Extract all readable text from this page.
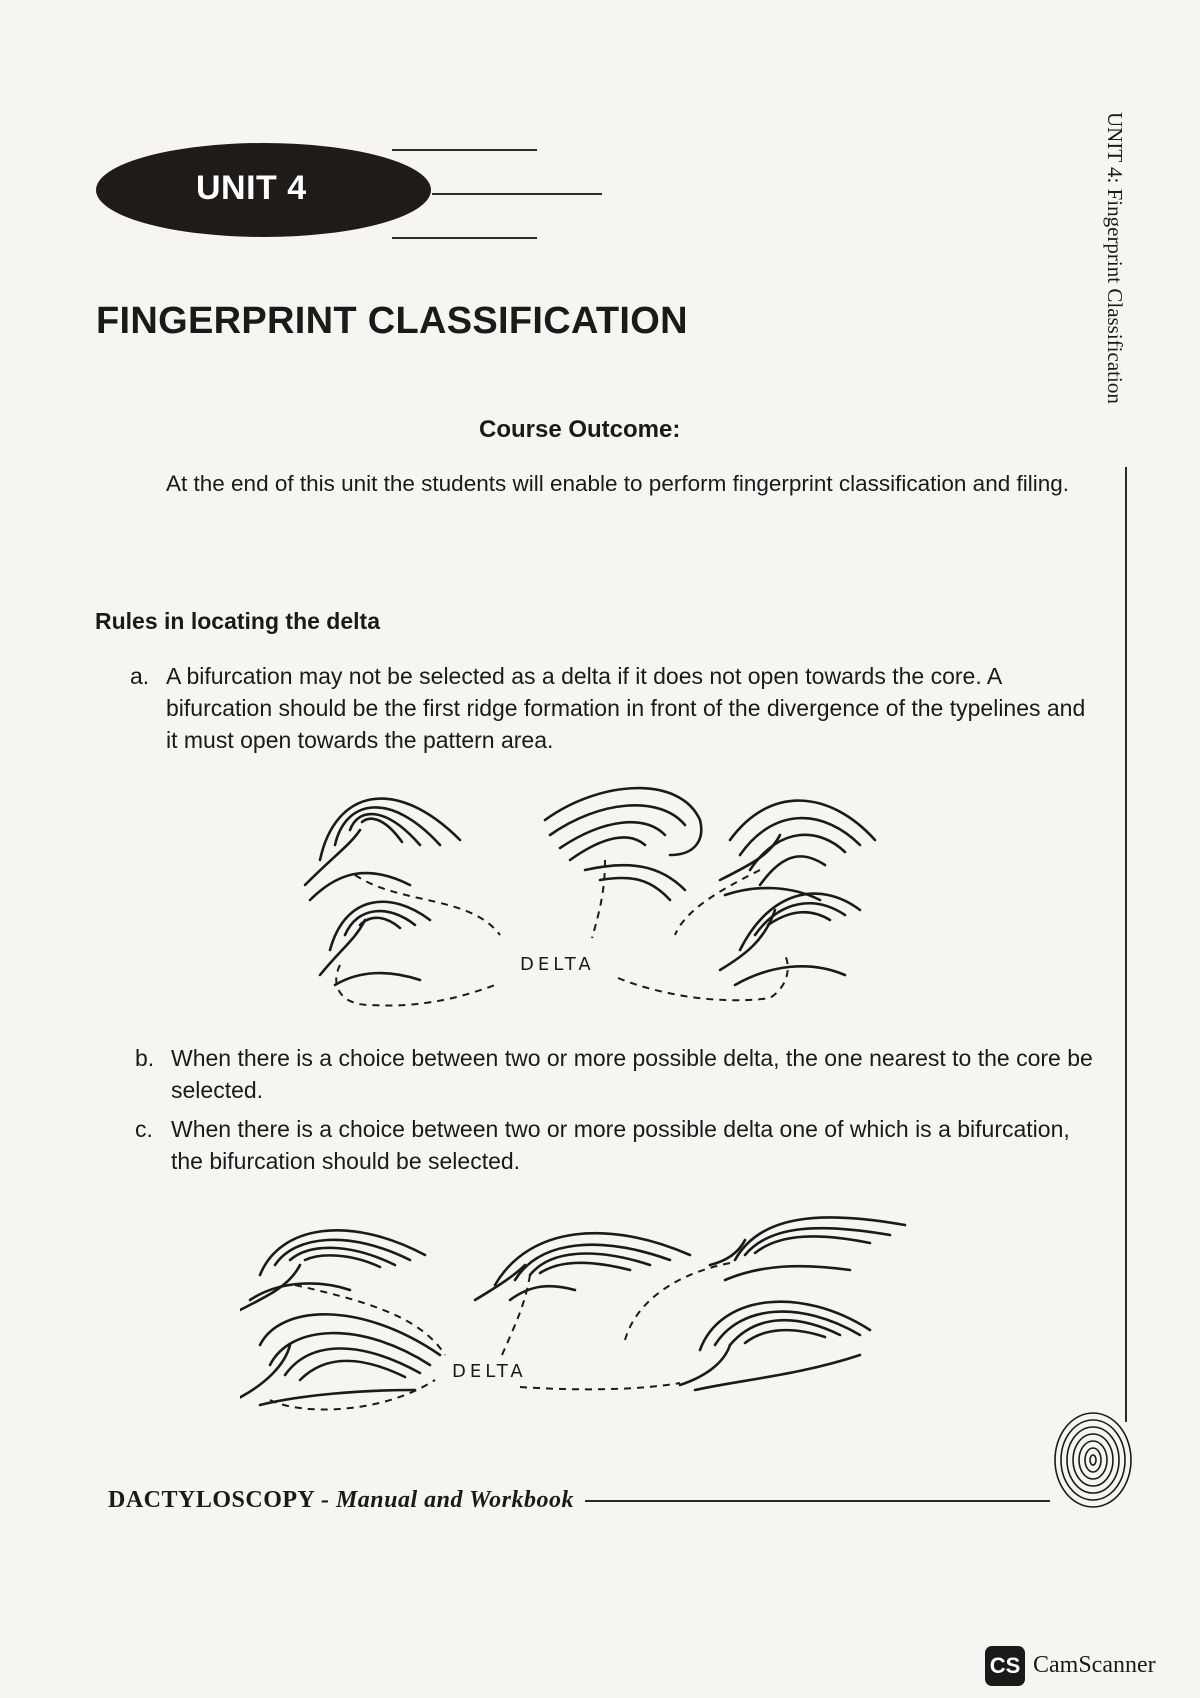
UNIT 4
FINGERPRINT CLASSIFICATION
Course Outcome:
At the end of this unit the students will enable to perform fingerprint classification and filing.
Rules in locating the delta
a. A bifurcation may not be selected as a delta if it does not open towards the core. A bifurcation should be the first ridge formation in front of the divergence of the typelines and it must open towards the pattern area.
DELTA
b. When there is a choice between two or more possible delta, the one nearest to the core be selected.
c. When there is a choice between two or more possible delta one of which is a bifurcation, the bifurcation should be selected.
DELTA
DACTYLOSCOPY - Manual and Workbook
UNIT 4: Fingerprint Classification
CS CamScanner
